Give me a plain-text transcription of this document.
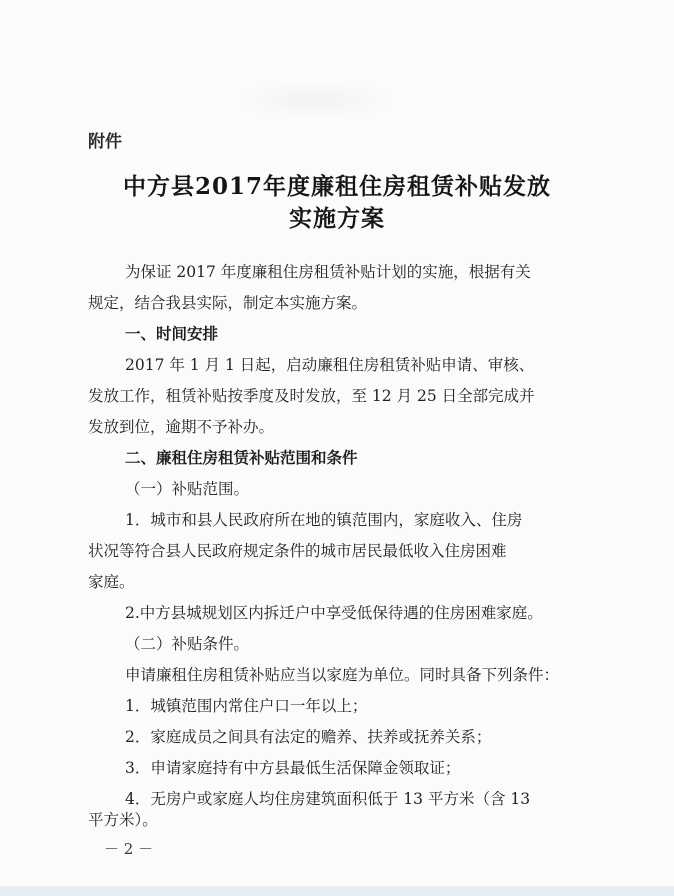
附件
中方县2017年度廉租住房租赁补贴发放
实施方案
为保证 2017 年度廉租住房租赁补贴计划的实施，根据有关
规定，结合我县实际，制定本实施方案。
一、时间安排
2017 年 1 月 1 日起，启动廉租住房租赁补贴申请、审核、
发放工作，租赁补贴按季度及时发放，至 12 月 25 日全部完成并
发放到位，逾期不予补办。
二、廉租住房租赁补贴范围和条件
（一）补贴范围。
1．城市和县人民政府所在地的镇范围内，家庭收入、住房
状况等符合县人民政府规定条件的城市居民最低收入住房困难
家庭。
2.中方县城规划区内拆迁户中享受低保待遇的住房困难家庭。
（二）补贴条件。
申请廉租住房租赁补贴应当以家庭为单位。同时具备下列条件：
1．城镇范围内常住户口一年以上；
2．家庭成员之间具有法定的赡养、扶养或抚养关系；
3．申请家庭持有中方县最低生活保障金领取证；
4．无房户或家庭人均住房建筑面积低于 13 平方米（含 13
平方米）。
－ 2 －
